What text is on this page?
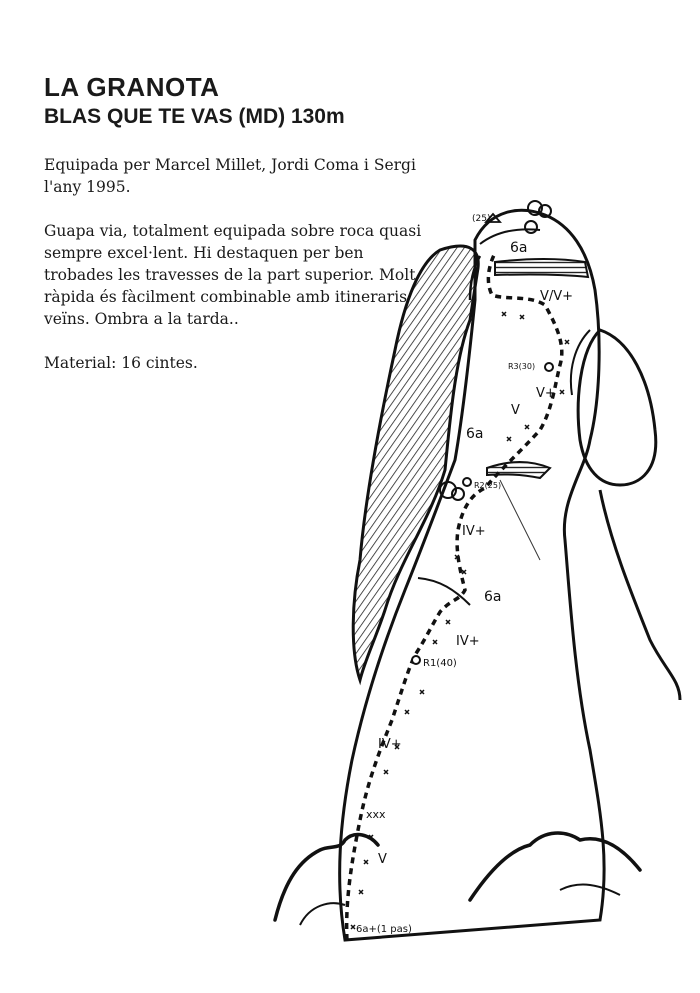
LA GRANOTA
BLAS QUE TE VAS (MD) 130m

Equipada per Marcel Millet, Jordi Coma i Sergi l'any 1995.

Guapa via, totalment equipada sobre roca quasi sempre excel·lent. Hi destaquen per ben trobades les travesses de la part superior. Molt ràpida és fàcilment combinable amb itineraris veïns. Ombra a la tarda..

Material: 16 cintes.

(25)
6a
V/V+
R3(30)
V+
V
6a
R2(25)
IV+
6a
IV+
R1(40)
IV+
xxx
V
6a+(1 pas)
